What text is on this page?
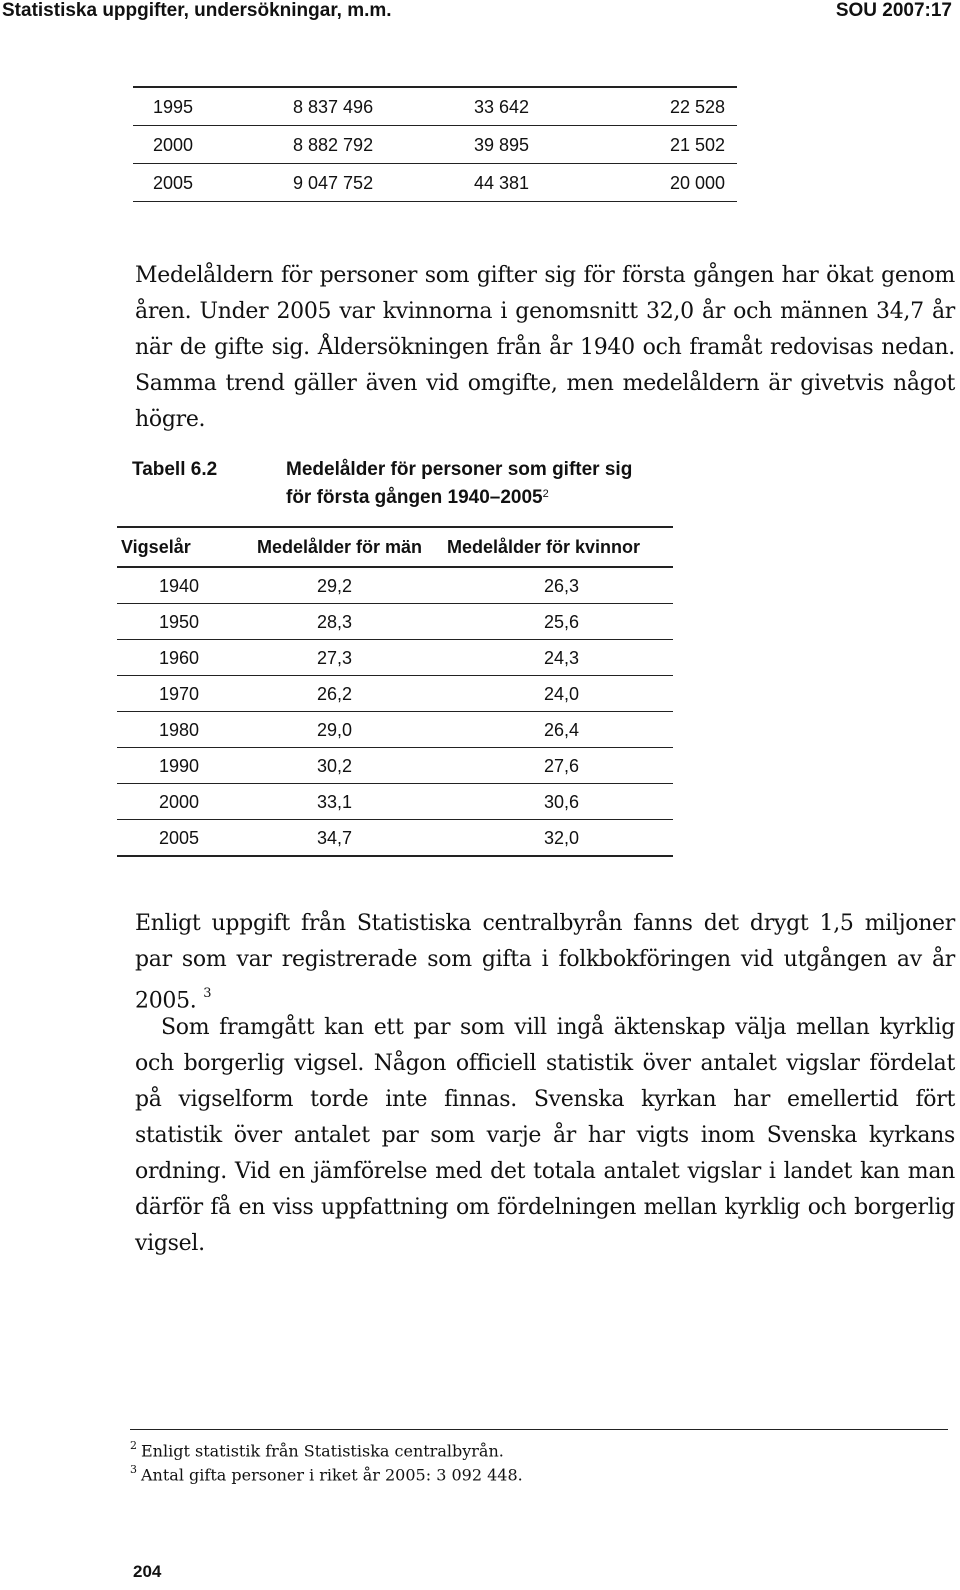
Statistiska uppgifter, undersökningar, m.m.	SOU 2007:17
1995	8 837 496	33 642	22 528
2000	8 882 792	39 895	21 502
2005	9 047 752	44 381	20 000

Medelåldern för personer som gifter sig för första gången har ökat genom åren. Under 2005 var kvinnorna i genomsnitt 32,0 år och männen 34,7 år när de gifte sig. Åldersökningen från år 1940 och framåt redovisas nedan. Samma trend gäller även vid omgifte, men medelåldern är givetvis något högre.

Tabell 6.2	Medelålder för personer som gifter sig
för första gången 1940–2005$^2$
Vigselår	Medelålder för män Medelålder för kvinnor
1940	29,2	26,3
1950	28,3	25,6
1960	27,3	24,3
1970	26,2	24,0
1980	29,0	26,4
1990	30,2	27,6
2000	33,1	30,6
2005	34,7	32,0

Enligt uppgift från Statistiska centralbyrån fanns det drygt 1,5 miljoner par som var registrerade som gifta i folkbokföringen vid utgången av år 2005. $^3$

Som framgått kan ett par som vill ingå äktenskap välja mellan kyrklig och borgerlig vigsel. Någon officiell statistik över antalet vigslar fördelat på vigselform torde inte finnas. Svenska kyrkan har emellertid fört statistik över antalet par som varje år har vigts inom Svenska kyrkans ordning. Vid en jämförelse med det totala antalet vigslar i landet kan man därför få en viss uppfattning om fördelningen mellan kyrklig och borgerlig vigsel.

$^2$ Enligt statistik från Statistiska centralbyrån.
$^3$ Antal gifta personer i riket år 2005: 3 092 448.
204
